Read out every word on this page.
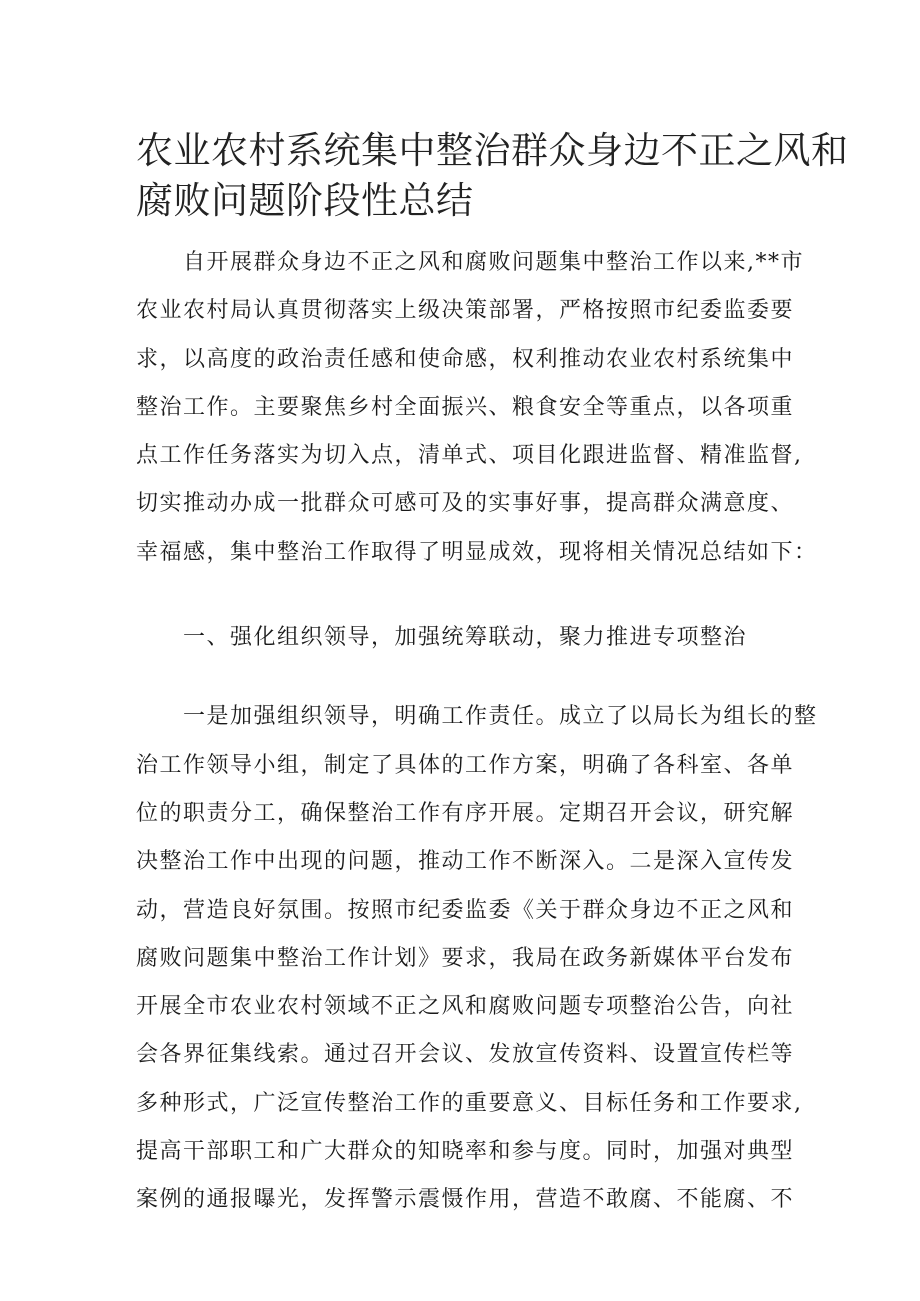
农业农村系统集中整治群众身边不正之风和
腐败问题阶段性总结

　　自开展群众身边不正之风和腐败问题集中整治工作以来,**市
农业农村局认真贯彻落实上级决策部署，严格按照市纪委监委要
求，以高度的政治责任感和使命感，权利推动农业农村系统集中
整治工作。主要聚焦乡村全面振兴、粮食安全等重点，以各项重
点工作任务落实为切入点，清单式、项目化跟进监督、精准监督,
切实推动办成一批群众可感可及的实事好事，提高群众满意度、
幸福感，集中整治工作取得了明显成效，现将相关情况总结如下：

　　一、强化组织领导，加强统筹联动，聚力推进专项整治

　　一是加强组织领导，明确工作责任。成立了以局长为组长的整
治工作领导小组，制定了具体的工作方案，明确了各科室、各单
位的职责分工，确保整治工作有序开展。定期召开会议，研究解
决整治工作中出现的问题，推动工作不断深入。二是深入宣传发
动，营造良好氛围。按照市纪委监委《关于群众身边不正之风和
腐败问题集中整治工作计划》要求，我局在政务新媒体平台发布
开展全市农业农村领域不正之风和腐败问题专项整治公告，向社
会各界征集线索。通过召开会议、发放宣传资料、设置宣传栏等
多种形式，广泛宣传整治工作的重要意义、目标任务和工作要求,
提高干部职工和广大群众的知晓率和参与度。同时，加强对典型
案例的通报曝光，发挥警示震慑作用，营造不敢腐、不能腐、不
